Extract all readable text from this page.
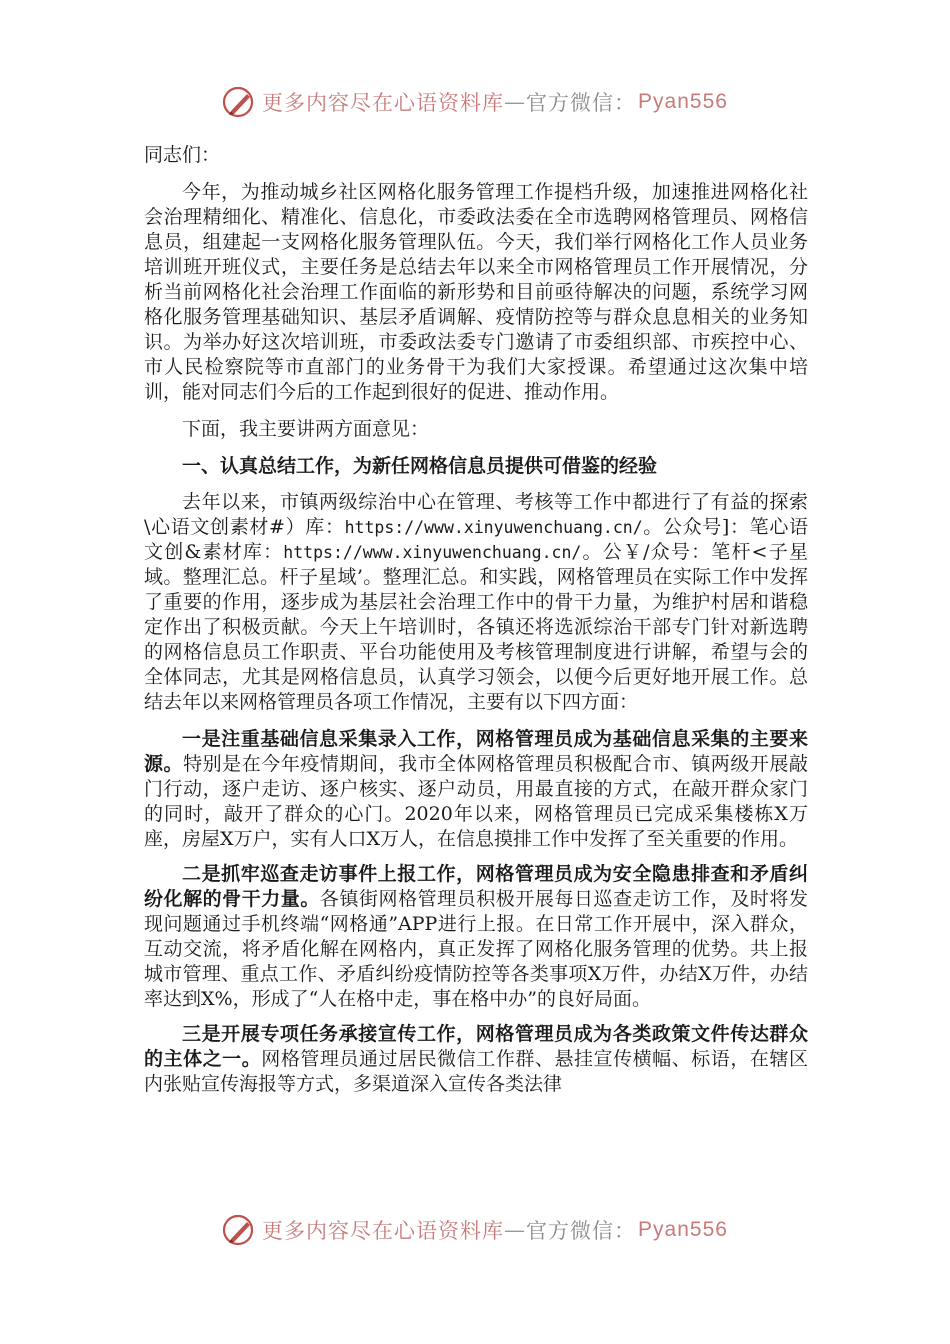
更多内容尽在心语资料库 — 官方微信： Pyan556

同志们：

今年，为推动城乡社区网格化服务管理工作提档升级，加速推进网格化社会治理精细化、精准化、信息化，市委政法委在全市选聘网格管理员、网格信息员，组建起一支网格化服务管理队伍。今天，我们举行网格化工作人员业务培训班开班仪式，主要任务是总结去年以来全市网格管理员工作开展情况，分析当前网格化社会治理工作面临的新形势和目前亟待解决的问题，系统学习网格化服务管理基础知识、基层矛盾调解、疫情防控等与群众息息相关的业务知识。为举办好这次培训班，市委政法委专门邀请了市委组织部、市疾控中心、市人民检察院等市直部门的业务骨干为我们大家授课。希望通过这次集中培训，能对同志们今后的工作起到很好的促进、推动作用。

下面，我主要讲两方面意见：

一、认真总结工作，为新任网格信息员提供可借鉴的经验

去年以来，市镇两级综治中心在管理、考核等工作中都进行了有益的探索\心语文创素材#）库：https://www.xinyuwenchuang.cn/。公众号]：笔心语文创&素材库：https://www.xinyuwenchuang.cn/。公￥/众号：笔杆<子星域。整理汇总。杆子星域’。整理汇总。和实践，网格管理员在实际工作中发挥了重要的作用，逐步成为基层社会治理工作中的骨干力量，为维护村居和谐稳定作出了积极贡献。今天上午培训时，各镇还将选派综治干部专门针对新选聘的网格信息员工作职责、平台功能使用及考核管理制度进行讲解，希望与会的全体同志，尤其是网格信息员，认真学习领会，以便今后更好地开展工作。总结去年以来网格管理员各项工作情况，主要有以下四方面：

一是注重基础信息采集录入工作，网格管理员成为基础信息采集的主要来源。特别是在今年疫情期间，我市全体网格管理员积极配合市、镇两级开展敲门行动，逐户走访、逐户核实、逐户动员，用最直接的方式，在敲开群众家门的同时，敲开了群众的心门。2020年以来，网格管理员已完成采集楼栋X万座，房屋X万户，实有人口X万人，在信息摸排工作中发挥了至关重要的作用。

二是抓牢巡查走访事件上报工作，网格管理员成为安全隐患排查和矛盾纠纷化解的骨干力量。各镇街网格管理员积极开展每日巡查走访工作，及时将发现问题通过手机终端“网格通”APP进行上报。在日常工作开展中，深入群众，互动交流，将矛盾化解在网格内，真正发挥了网格化服务管理的优势。共上报城市管理、重点工作、矛盾纠纷疫情防控等各类事项X万件，办结X万件，办结率达到X%，形成了“人在格中走，事在格中办”的良好局面。

三是开展专项任务承接宣传工作，网格管理员成为各类政策文件传达群众的主体之一。网格管理员通过居民微信工作群、悬挂宣传横幅、标语，在辖区内张贴宣传海报等方式，多渠道深入宣传各类法律

更多内容尽在心语资料库 — 官方微信： Pyan556
